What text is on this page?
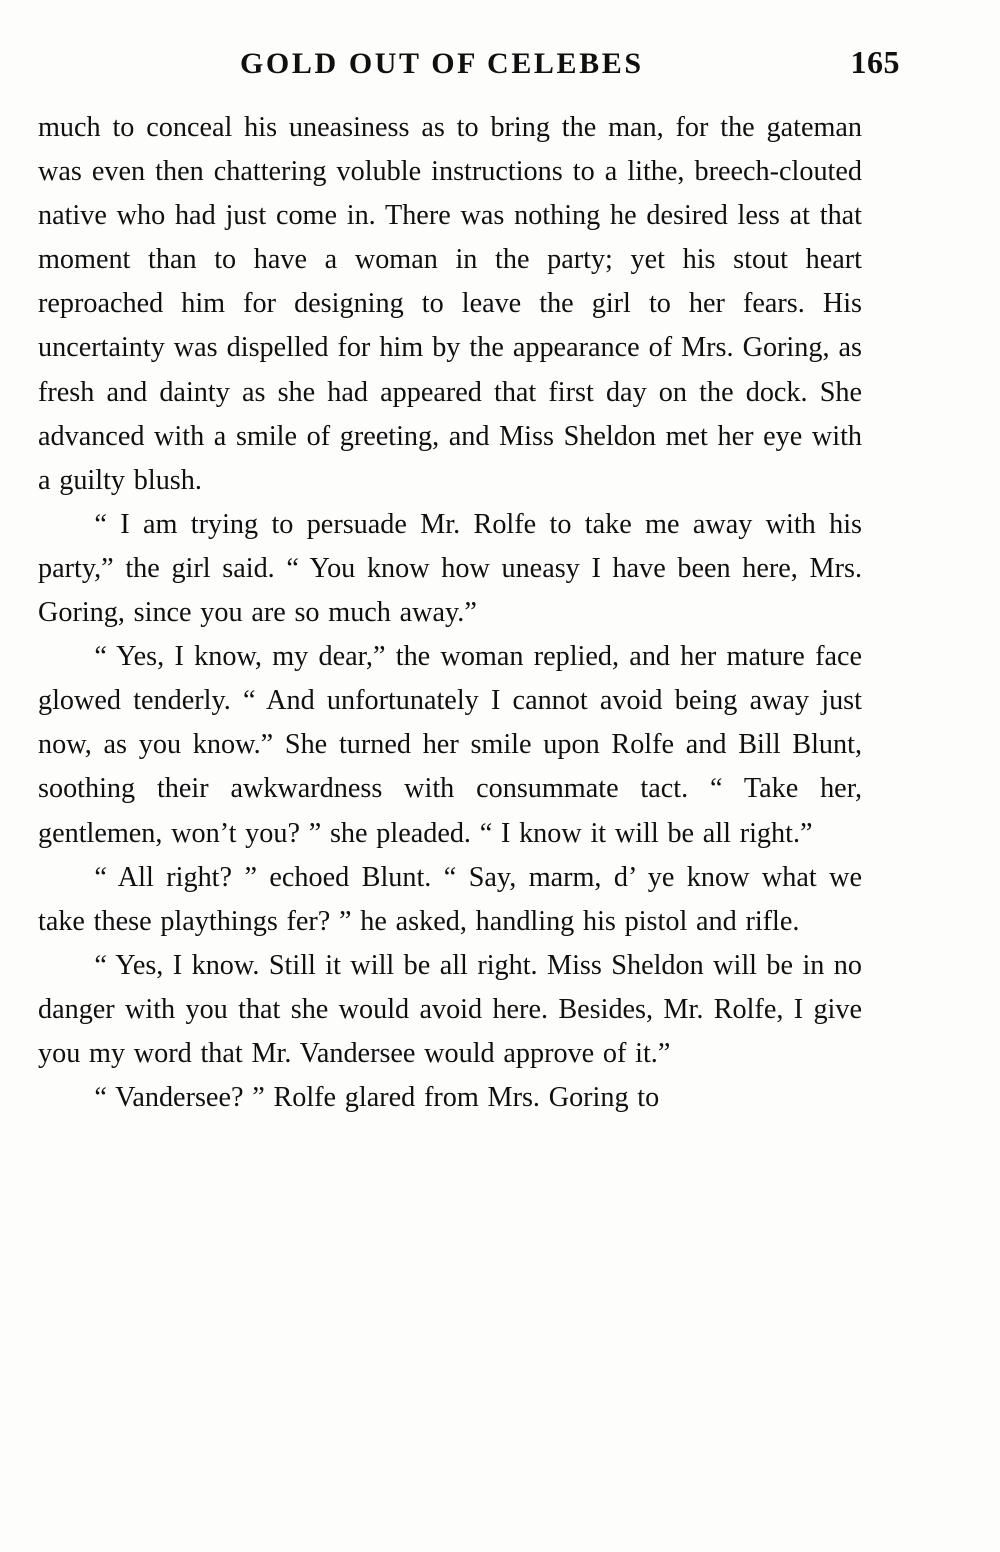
GOLD OUT OF CELEBES	165

much to conceal his uneasiness as to bring the man, for the gateman was even then chattering voluble instructions to a lithe, breech-clouted native who had just come in. There was nothing he desired less at that moment than to have a woman in the party; yet his stout heart reproached him for designing to leave the girl to her fears. His uncertainty was dispelled for him by the appearance of Mrs. Goring, as fresh and dainty as she had appeared that first day on the dock. She advanced with a smile of greeting, and Miss Sheldon met her eye with a guilty blush.

“ I am trying to persuade Mr. Rolfe to take me away with his party,” the girl said. “ You know how uneasy I have been here, Mrs. Goring, since you are so much away.”

“ Yes, I know, my dear,” the woman replied, and her mature face glowed tenderly. “ And unfortunately I cannot avoid being away just now, as you know.” She turned her smile upon Rolfe and Bill Blunt, soothing their awkwardness with consummate tact. “ Take her, gentlemen, won’t you? ” she pleaded. “ I know it will be all right.”

“ All right? ” echoed Blunt. “ Say, marm, d’ ye know what we take these playthings fer? ” he asked, handling his pistol and rifle.

“ Yes, I know. Still it will be all right. Miss Sheldon will be in no danger with you that she would avoid here. Besides, Mr. Rolfe, I give you my word that Mr. Vandersee would approve of it.”

“ Vandersee? ” Rolfe glared from Mrs. Goring to
